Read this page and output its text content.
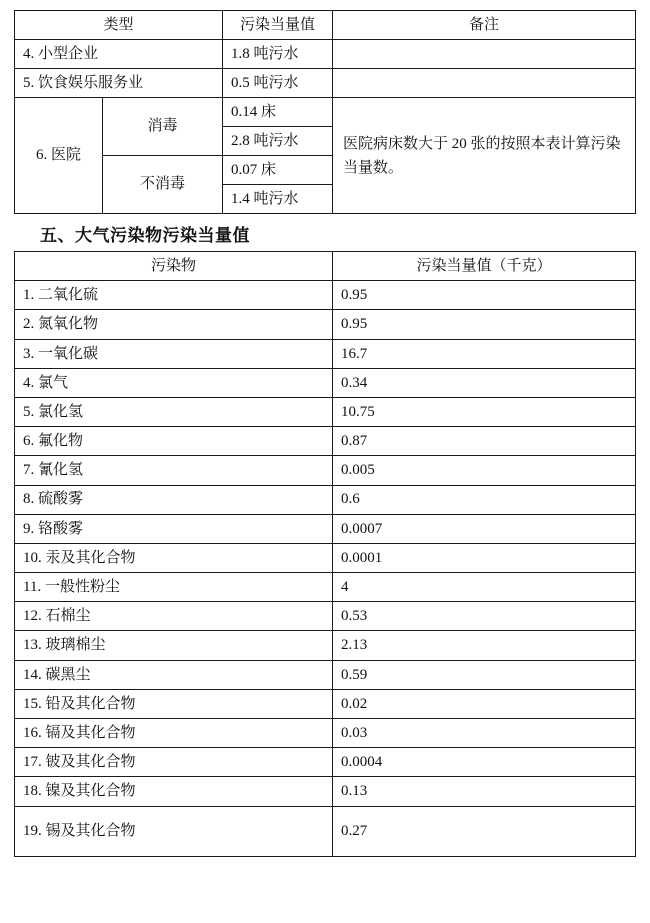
类型		污染当量值	备注
4. 小型企业		1.8 吨污水	
5. 饮食娱乐服务业		0.5 吨污水	
6. 医院	消毒	0.14 床	医院病床数大于 20 张的按照本表计算污染当量数。
		2.8 吨污水	
	不消毒	0.07 床	
		1.4 吨污水	
五、大气污染物污染当量值
污染物	污染当量值（千克）
1. 二氧化硫	0.95
2. 氮氧化物	0.95
3. 一氧化碳	16.7
4. 氯气	0.34
5. 氯化氢	10.75
6. 氟化物	0.87
7. 氰化氢	0.005
8. 硫酸雾	0.6
9. 铬酸雾	0.0007
10. 汞及其化合物	0.0001
11. 一般性粉尘	4
12. 石棉尘	0.53
13. 玻璃棉尘	2.13
14. 碳黑尘	0.59
15. 铅及其化合物	0.02
16. 镉及其化合物	0.03
17. 铍及其化合物	0.0004
18. 镍及其化合物	0.13
19. 锡及其化合物	0.27
